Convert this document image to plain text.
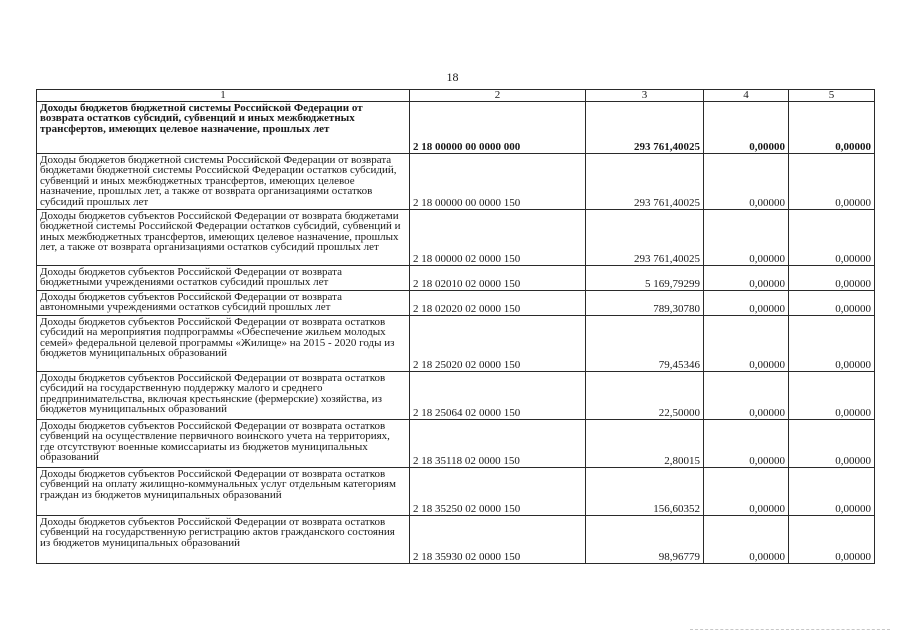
18
1	2	3	4	5
Доходы бюджетов бюджетной системы Российской Федерации от возврата остатков субсидий, субвенций и иных межбюджетных трансфертов, имеющих целевое назначение, прошлых лет	2 18 00000 00 0000 000	293 761,40025	0,00000	0,00000
Доходы бюджетов бюджетной системы Российской Федерации от возврата бюджетами бюджетной системы Российской Федерации остатков субсидий, субвенций и иных межбюджетных трансфертов, имеющих целевое назначение, прошлых лет, а также от возврата организациями остатков субсидий прошлых лет	2 18 00000 00 0000 150	293 761,40025	0,00000	0,00000
Доходы бюджетов субъектов Российской Федерации от возврата бюджетами бюджетной системы Российской Федерации остатков субсидий, субвенций и иных межбюджетных трансфертов, имеющих целевое назначение, прошлых лет, а также от возврата организациями остатков субсидий прошлых лет	2 18 00000 02 0000 150	293 761,40025	0,00000	0,00000
Доходы бюджетов субъектов Российской Федерации от возврата бюджетными учреждениями остатков субсидий прошлых лет	2 18 02010 02 0000 150	5 169,79299	0,00000	0,00000
Доходы бюджетов субъектов Российской Федерации от возврата автономными учреждениями остатков субсидий прошлых лет	2 18 02020 02 0000 150	789,30780	0,00000	0,00000
Доходы бюджетов субъектов Российской Федерации от возврата остатков субсидий на мероприятия подпрограммы «Обеспечение жильем молодых семей» федеральной целевой программы «Жилище» на 2015 - 2020 годы из бюджетов муниципальных образований	2 18 25020 02 0000 150	79,45346	0,00000	0,00000
Доходы бюджетов субъектов Российской Федерации от возврата остатков субсидий на государственную поддержку малого и среднего предпринимательства, включая крестьянские (фермерские) хозяйства, из бюджетов муниципальных образований	2 18 25064 02 0000 150	22,50000	0,00000	0,00000
Доходы бюджетов субъектов Российской Федерации от возврата остатков субвенций на осуществление первичного воинского учета на территориях, где отсутствуют военные комиссариаты из бюджетов муниципальных образований	2 18 35118 02 0000 150	2,80015	0,00000	0,00000
Доходы бюджетов субъектов Российской Федерации от возврата остатков субвенций на оплату жилищно-коммунальных услуг отдельным категориям граждан из бюджетов муниципальных образований	2 18 35250 02 0000 150	156,60352	0,00000	0,00000
Доходы бюджетов субъектов Российской Федерации от возврата остатков субвенций на государственную регистрацию актов гражданского состояния из бюджетов муниципальных образований	2 18 35930 02 0000 150	98,96779	0,00000	0,00000
